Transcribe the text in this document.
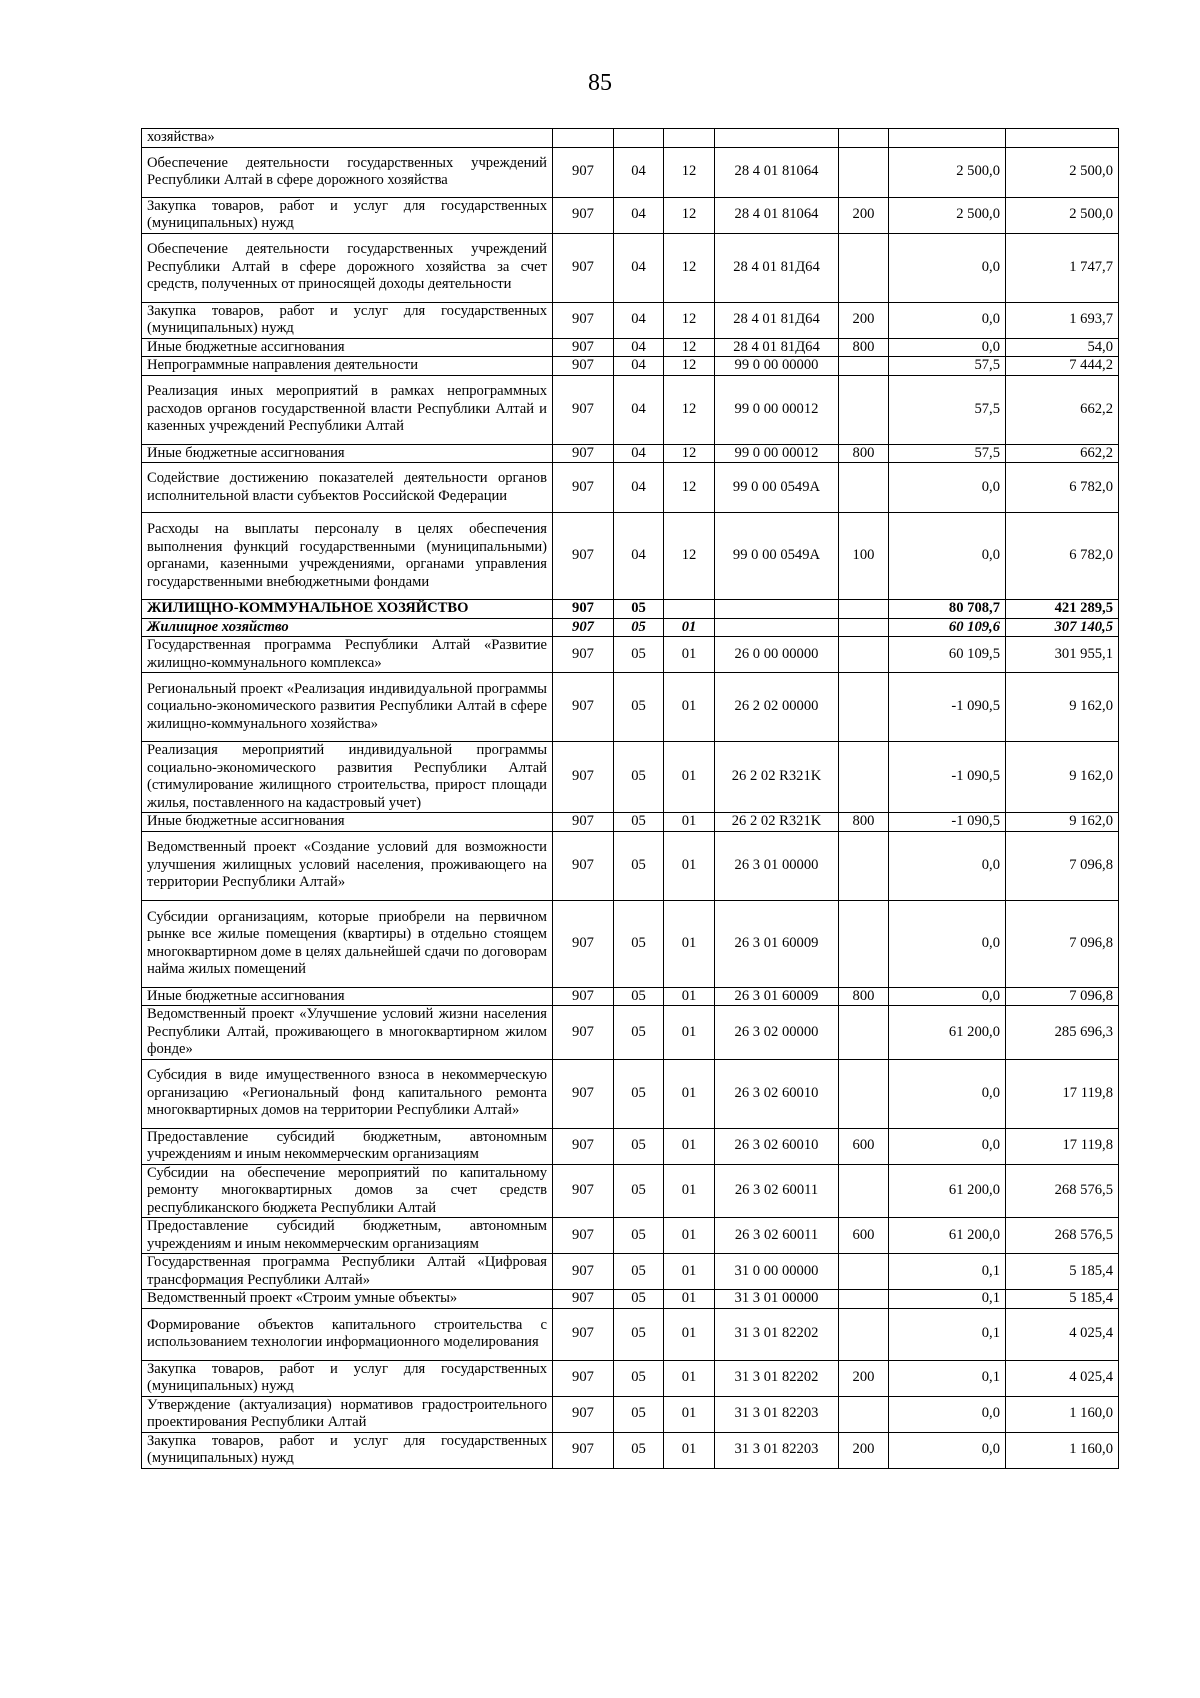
85
хозяйства»							
Обеспечение деятельности государственных учреждений Республики Алтай в сфере дорожного хозяйства	907	04	12	28 4 01 81064		2 500,0	2 500,0
Закупка товаров, работ и услуг для государственных (муниципальных) нужд	907	04	12	28 4 01 81064	200	2 500,0	2 500,0
Обеспечение деятельности государственных учреждений Республики Алтай в сфере дорожного хозяйства за счет средств, полученных от приносящей доходы деятельности	907	04	12	28 4 01 81Д64		0,0	1 747,7
Закупка товаров, работ и услуг для государственных (муниципальных) нужд	907	04	12	28 4 01 81Д64	200	0,0	1 693,7
Иные бюджетные ассигнования	907	04	12	28 4 01 81Д64	800	0,0	54,0
Непрограммные направления деятельности	907	04	12	99 0 00 00000		57,5	7 444,2
Реализация иных мероприятий в рамках непрограммных расходов органов государственной власти Республики Алтай и казенных учреждений Республики Алтай	907	04	12	99 0 00 00012		57,5	662,2
Иные бюджетные ассигнования	907	04	12	99 0 00 00012	800	57,5	662,2
Содействие достижению показателей деятельности органов исполнительной власти субъектов Российской Федерации	907	04	12	99 0 00 0549А		0,0	6 782,0
Расходы на выплаты персоналу в целях обеспечения выполнения функций государственными (муниципальными) органами, казенными учреждениями, органами управления государственными внебюджетными фондами	907	04	12	99 0 00 0549А	100	0,0	6 782,0
ЖИЛИЩНО-КОММУНАЛЬНОЕ ХОЗЯЙСТВО	907	05				80 708,7	421 289,5
Жилищное хозяйство	907	05	01			60 109,6	307 140,5
Государственная программа Республики Алтай «Развитие жилищно-коммунального комплекса»	907	05	01	26 0 00 00000		60 109,5	301 955,1
Региональный проект «Реализация индивидуальной программы социально-экономического развития Республики Алтай в сфере жилищно-коммунального хозяйства»	907	05	01	26 2 02 00000		-1 090,5	9 162,0
Реализация мероприятий индивидуальной программы социально-экономического развития Республики Алтай (стимулирование жилищного строительства, прирост площади жилья, поставленного на кадастровый учет)	907	05	01	26 2 02 R321K		-1 090,5	9 162,0
Иные бюджетные ассигнования	907	05	01	26 2 02 R321K	800	-1 090,5	9 162,0
Ведомственный проект «Создание условий для возможности улучшения жилищных условий населения, проживающего на территории Республики Алтай»	907	05	01	26 3 01 00000		0,0	7 096,8
Субсидии организациям, которые приобрели на первичном рынке все жилые помещения (квартиры) в отдельно стоящем многоквартирном доме в целях дальнейшей сдачи по договорам найма жилых помещений	907	05	01	26 3 01 60009		0,0	7 096,8
Иные бюджетные ассигнования	907	05	01	26 3 01 60009	800	0,0	7 096,8
Ведомственный проект «Улучшение условий жизни населения Республики Алтай, проживающего в многоквартирном жилом фонде»	907	05	01	26 3 02 00000		61 200,0	285 696,3
Субсидия в виде имущественного взноса в некоммерческую организацию «Региональный фонд капитального ремонта многоквартирных домов на территории Республики Алтай»	907	05	01	26 3 02 60010		0,0	17 119,8
Предоставление субсидий бюджетным, автономным учреждениям и иным некоммерческим организациям	907	05	01	26 3 02 60010	600	0,0	17 119,8
Субсидии на обеспечение мероприятий по капитальному ремонту многоквартирных домов за счет средств республиканского бюджета Республики Алтай	907	05	01	26 3 02 60011		61 200,0	268 576,5
Предоставление субсидий бюджетным, автономным учреждениям и иным некоммерческим организациям	907	05	01	26 3 02 60011	600	61 200,0	268 576,5
Государственная программа Республики Алтай «Цифровая трансформация Республики Алтай»	907	05	01	31 0 00 00000		0,1	5 185,4
Ведомственный проект «Строим умные объекты»	907	05	01	31 3 01 00000		0,1	5 185,4
Формирование объектов капитального строительства с использованием технологии информационного моделирования	907	05	01	31 3 01 82202		0,1	4 025,4
Закупка товаров, работ и услуг для государственных (муниципальных) нужд	907	05	01	31 3 01 82202	200	0,1	4 025,4
Утверждение (актуализация) нормативов градостроительного проектирования Республики Алтай	907	05	01	31 3 01 82203		0,0	1 160,0
Закупка товаров, работ и услуг для государственных (муниципальных) нужд	907	05	01	31 3 01 82203	200	0,0	1 160,0
